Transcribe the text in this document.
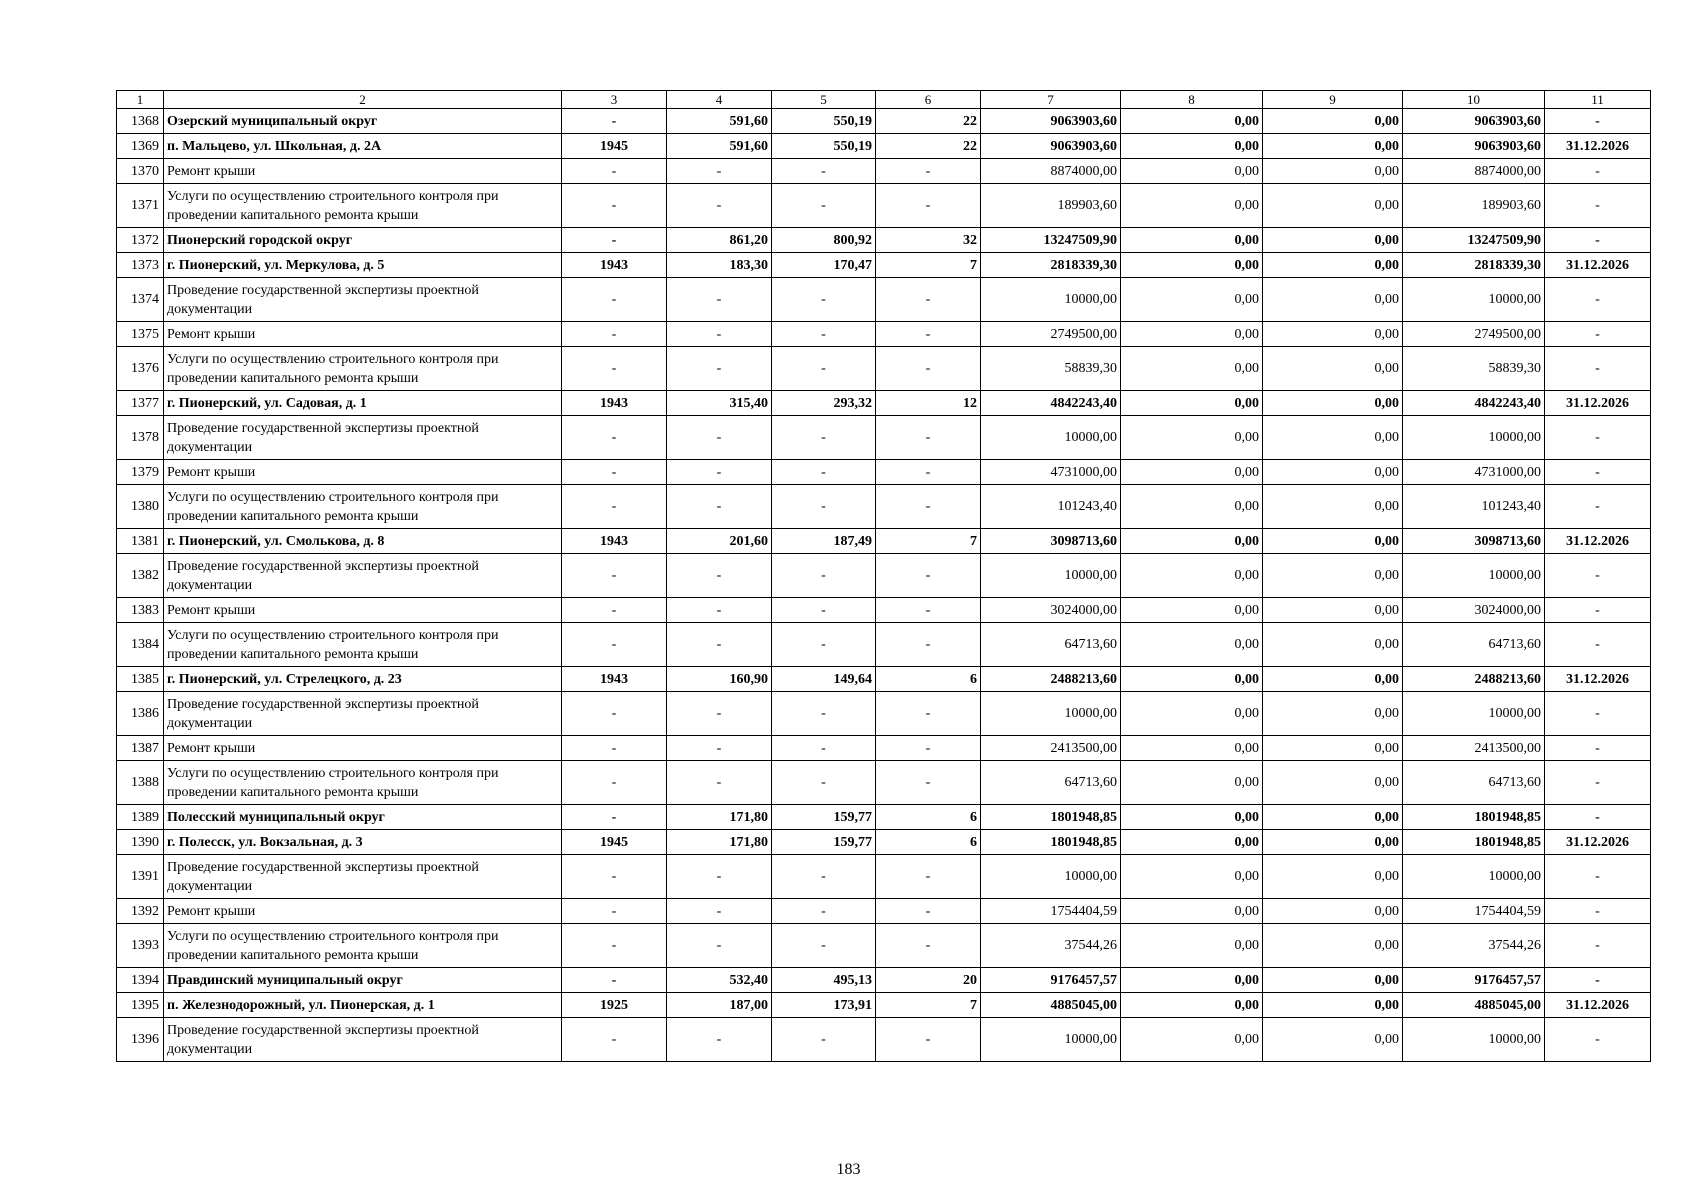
1	2	3	4	5	6	7	8	9	10	11
1368	Озерский муниципальный округ	-	591,60	550,19	22	9063903,60	0,00	0,00	9063903,60	-
1369	п. Мальцево, ул. Школьная, д. 2А	1945	591,60	550,19	22	9063903,60	0,00	0,00	9063903,60	31.12.2026
1370	Ремонт крыши	-	-	-	-	8874000,00	0,00	0,00	8874000,00	-
1371	Услуги по осуществлению строительного контроля при проведении капитального ремонта крыши	-	-	-	-	189903,60	0,00	0,00	189903,60	-
1372	Пионерский городской округ	-	861,20	800,92	32	13247509,90	0,00	0,00	13247509,90	-
1373	г. Пионерский, ул. Меркулова, д. 5	1943	183,30	170,47	7	2818339,30	0,00	0,00	2818339,30	31.12.2026
1374	Проведение государственной экспертизы проектной документации	-	-	-	-	10000,00	0,00	0,00	10000,00	-
1375	Ремонт крыши	-	-	-	-	2749500,00	0,00	0,00	2749500,00	-
1376	Услуги по осуществлению строительного контроля при проведении капитального ремонта крыши	-	-	-	-	58839,30	0,00	0,00	58839,30	-
1377	г. Пионерский, ул. Садовая, д. 1	1943	315,40	293,32	12	4842243,40	0,00	0,00	4842243,40	31.12.2026
1378	Проведение государственной экспертизы проектной документации	-	-	-	-	10000,00	0,00	0,00	10000,00	-
1379	Ремонт крыши	-	-	-	-	4731000,00	0,00	0,00	4731000,00	-
1380	Услуги по осуществлению строительного контроля при проведении капитального ремонта крыши	-	-	-	-	101243,40	0,00	0,00	101243,40	-
1381	г. Пионерский, ул. Смолькова, д. 8	1943	201,60	187,49	7	3098713,60	0,00	0,00	3098713,60	31.12.2026
1382	Проведение государственной экспертизы проектной документации	-	-	-	-	10000,00	0,00	0,00	10000,00	-
1383	Ремонт крыши	-	-	-	-	3024000,00	0,00	0,00	3024000,00	-
1384	Услуги по осуществлению строительного контроля при проведении капитального ремонта крыши	-	-	-	-	64713,60	0,00	0,00	64713,60	-
1385	г. Пионерский, ул. Стрелецкого, д. 23	1943	160,90	149,64	6	2488213,60	0,00	0,00	2488213,60	31.12.2026
1386	Проведение государственной экспертизы проектной документации	-	-	-	-	10000,00	0,00	0,00	10000,00	-
1387	Ремонт крыши	-	-	-	-	2413500,00	0,00	0,00	2413500,00	-
1388	Услуги по осуществлению строительного контроля при проведении капитального ремонта крыши	-	-	-	-	64713,60	0,00	0,00	64713,60	-
1389	Полесский муниципальный округ	-	171,80	159,77	6	1801948,85	0,00	0,00	1801948,85	-
1390	г. Полесск, ул. Вокзальная, д. 3	1945	171,80	159,77	6	1801948,85	0,00	0,00	1801948,85	31.12.2026
1391	Проведение государственной экспертизы проектной документации	-	-	-	-	10000,00	0,00	0,00	10000,00	-
1392	Ремонт крыши	-	-	-	-	1754404,59	0,00	0,00	1754404,59	-
1393	Услуги по осуществлению строительного контроля при проведении капитального ремонта крыши	-	-	-	-	37544,26	0,00	0,00	37544,26	-
1394	Правдинский муниципальный округ	-	532,40	495,13	20	9176457,57	0,00	0,00	9176457,57	-
1395	п. Железнодорожный, ул. Пионерская, д. 1	1925	187,00	173,91	7	4885045,00	0,00	0,00	4885045,00	31.12.2026
1396	Проведение государственной экспертизы проектной документации	-	-	-	-	10000,00	0,00	0,00	10000,00	-
183
